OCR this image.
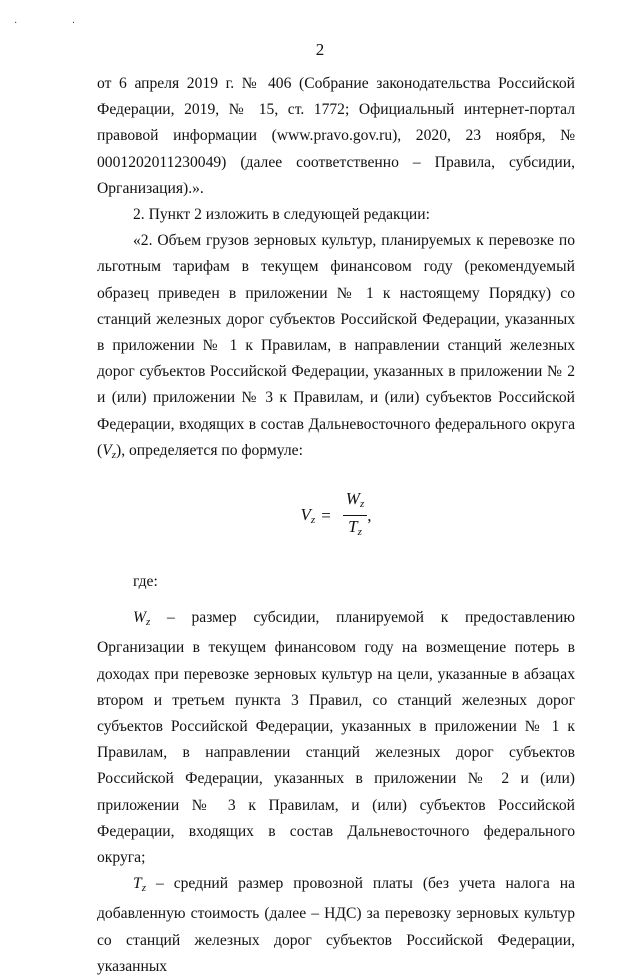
· ·
2

от 6 апреля 2019 г. № 406 (Собрание законодательства Российской Федерации, 2019, № 15, ст. 1772; Официальный интернет-портал правовой информации (www.pravo.gov.ru), 2020, 23 ноября, № 0001202011230049) (далее соответственно – Правила, субсидии, Организация).».

2. Пункт 2 изложить в следующей редакции:

«2. Объем грузов зерновых культур, планируемых к перевозке по льготным тарифам в текущем финансовом году (рекомендуемый образец приведен в приложении № 1 к настоящему Порядку) со станций железных дорог субъектов Российской Федерации, указанных в приложении № 1 к Правилам, в направлении станций железных дорог субъектов Российской Федерации, указанных в приложении № 2 и (или) приложении № 3 к Правилам, и (или) субъектов Российской Федерации, входящих в состав Дальневосточного федерального округа $(V_z)$, определяется по формуле:

$V_z = \frac{W_z}{T_z}$ ,

где:

$W_z$ – размер субсидии, планируемой к предоставлению Организации в текущем финансовом году на возмещение потерь в доходах при перевозке зерновых культур на цели, указанные в абзацах втором и третьем пункта 3 Правил, со станций железных дорог субъектов Российской Федерации, указанных в приложении № 1 к Правилам, в направлении станций железных дорог субъектов Российской Федерации, указанных в приложении № 2 и (или) приложении № 3 к Правилам, и (или) субъектов Российской Федерации, входящих в состав Дальневосточного федерального округа;

$T_z$ – средний размер провозной платы (без учета налога на добавленную стоимость (далее – НДС) за перевозку зерновых культур со станций железных дорог субъектов Российской Федерации, указанных
